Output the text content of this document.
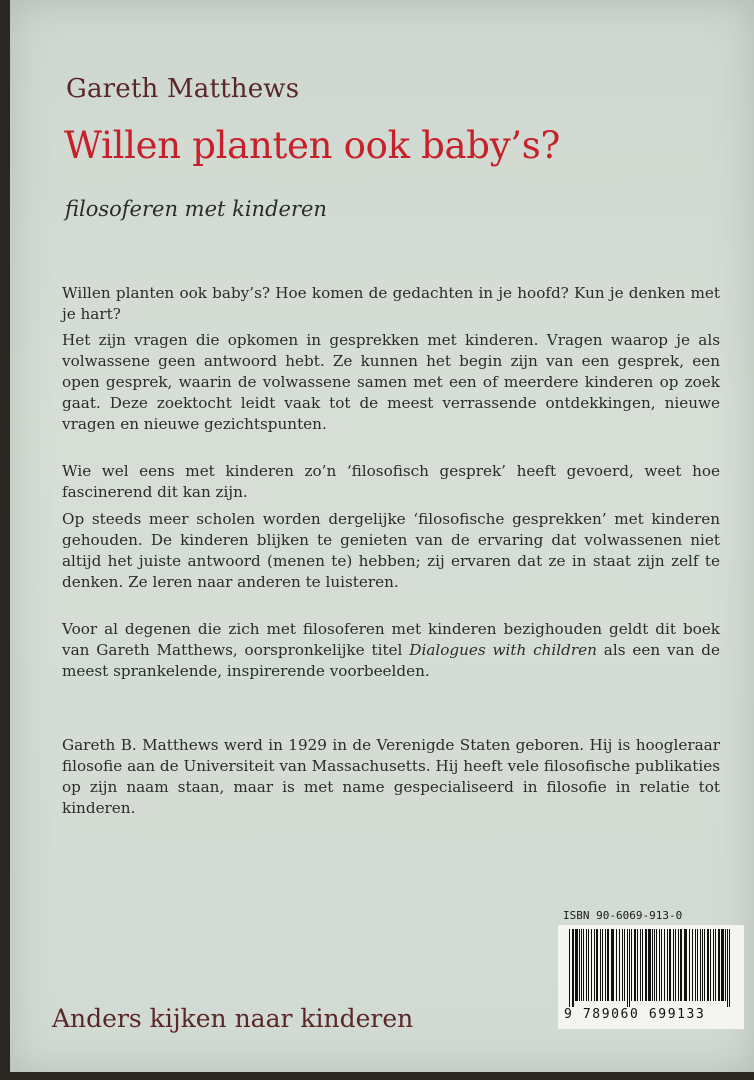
Gareth Matthews
Willen planten ook baby’s?
filosoferen met kinderen

Willen planten ook baby’s? Hoe komen de gedachten in je hoofd? Kun je denken met je hart?

Het zijn vragen die opkomen in gesprekken met kinderen. Vragen waarop je als volwassene geen antwoord hebt. Ze kunnen het begin zijn van een gesprek, een open gesprek, waarin de volwassene samen met een of meerdere kinderen op zoek gaat. Deze zoektocht leidt vaak tot de meest verrassende ontdekkingen, nieuwe vragen en nieuwe gezichtspunten.

Wie wel eens met kinderen zo’n ‘filosofisch gesprek’ heeft gevoerd, weet hoe fascinerend dit kan zijn.

Op steeds meer scholen worden dergelijke ‘filosofische gesprekken’ met kinderen gehouden. De kinderen blijken te genieten van de ervaring dat volwassenen niet altijd het juiste antwoord (menen te) hebben; zij ervaren dat ze in staat zijn zelf te denken. Ze leren naar anderen te luisteren.

Voor al degenen die zich met filosoferen met kinderen bezighouden geldt dit boek van Gareth Matthews, oorspronkelijke titel Dialogues with children als een van de meest sprankelende, inspirerende voorbeelden.

Gareth B. Matthews werd in 1929 in de Verenigde Staten geboren. Hij is hoogleraar filosofie aan de Universiteit van Massachusetts. Hij heeft vele filosofische publikaties op zijn naam staan, maar is met name gespecialiseerd in filosofie in relatie tot kinderen.

ISBN 90-6069-913-0
9 789060 699133
Anders kijken naar kinderen
